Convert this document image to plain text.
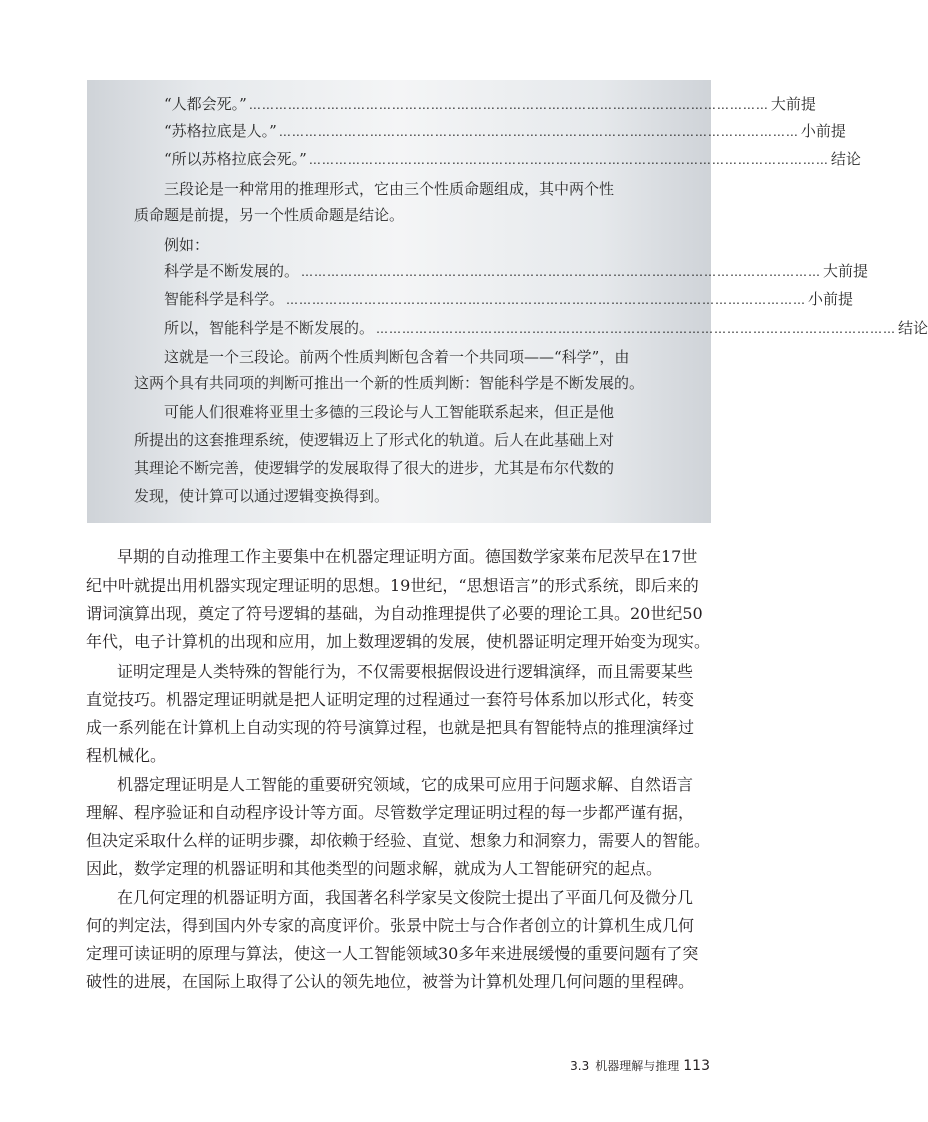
“人都会死。” ………………………………………………………………………………………………………… 大前提
“苏格拉底是人。” ………………………………………………………………………………………………………… 小前提
“所以苏格拉底会死。” ………………………………………………………………………………………………………… 结论
三段论是一种常用的推理形式，它由三个性质命题组成，其中两个性
质命题是前提，另一个性质命题是结论。
例如：
科学是不断发展的。 ………………………………………………………………………………………………………… 大前提
智能科学是科学。 ………………………………………………………………………………………………………… 小前提
所以，智能科学是不断发展的。 ………………………………………………………………………………………………………… 结论
这就是一个三段论。前两个性质判断包含着一个共同项——“科学”，由
这两个具有共同项的判断可推出一个新的性质判断：智能科学是不断发展的。
可能人们很难将亚里士多德的三段论与人工智能联系起来，但正是他
所提出的这套推理系统，使逻辑迈上了形式化的轨道。后人在此基础上对
其理论不断完善，使逻辑学的发展取得了很大的进步，尤其是布尔代数的
发现，使计算可以通过逻辑变换得到。
早期的自动推理工作主要集中在机器定理证明方面。德国数学家莱布尼茨早在17世
纪中叶就提出用机器实现定理证明的思想。19世纪，“思想语言”的形式系统，即后来的
谓词演算出现，奠定了符号逻辑的基础，为自动推理提供了必要的理论工具。20世纪50
年代，电子计算机的出现和应用，加上数理逻辑的发展，使机器证明定理开始变为现实。
证明定理是人类特殊的智能行为，不仅需要根据假设进行逻辑演绎，而且需要某些
直觉技巧。机器定理证明就是把人证明定理的过程通过一套符号体系加以形式化，转变
成一系列能在计算机上自动实现的符号演算过程，也就是把具有智能特点的推理演绎过
程机械化。
机器定理证明是人工智能的重要研究领域，它的成果可应用于问题求解、自然语言
理解、程序验证和自动程序设计等方面。尽管数学定理证明过程的每一步都严谨有据，
但决定采取什么样的证明步骤，却依赖于经验、直觉、想象力和洞察力，需要人的智能。
因此，数学定理的机器证明和其他类型的问题求解，就成为人工智能研究的起点。
在几何定理的机器证明方面，我国著名科学家吴文俊院士提出了平面几何及微分几
何的判定法，得到国内外专家的高度评价。张景中院士与合作者创立的计算机生成几何
定理可读证明的原理与算法，使这一人工智能领域30多年来进展缓慢的重要问题有了突
破性的进展，在国际上取得了公认的领先地位，被誉为计算机处理几何问题的里程碑。
3.3 机器理解与推理 113
